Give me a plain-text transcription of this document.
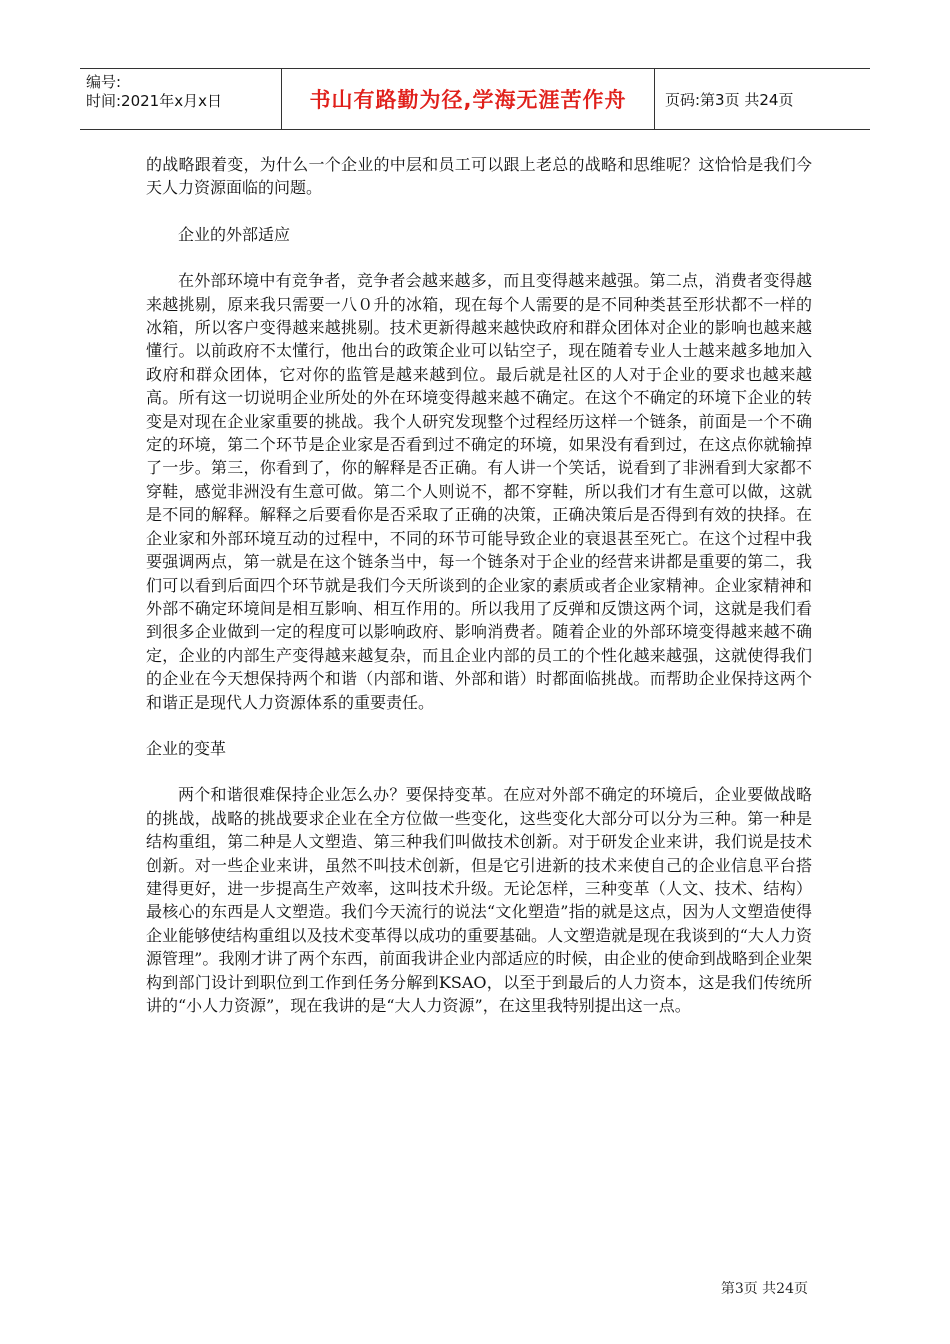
编号:
时间:2021年x月x日	书山有路勤为径,学海无涯苦作舟	页码:第3页 共24页

的战略跟着变，为什么一个企业的中层和员工可以跟上老总的战略和思维呢？这恰恰是我们今天人力资源面临的问题。

企业的外部适应

在外部环境中有竞争者，竞争者会越来越多，而且变得越来越强。第二点，消费者变得越来越挑剔，原来我只需要一八０升的冰箱，现在每个人需要的是不同种类甚至形状都不一样的冰箱，所以客户变得越来越挑剔。技术更新得越来越快政府和群众团体对企业的影响也越来越懂行。以前政府不太懂行，他出台的政策企业可以钻空子，现在随着专业人士越来越多地加入政府和群众团体，它对你的监管是越来越到位。最后就是社区的人对于企业的要求也越来越高。所有这一切说明企业所处的外在环境变得越来越不确定。在这个不确定的环境下企业的转变是对现在企业家重要的挑战。我个人研究发现整个过程经历这样一个链条，前面是一个不确定的环境，第二个环节是企业家是否看到过不确定的环境，如果没有看到过，在这点你就输掉了一步。第三，你看到了，你的解释是否正确。有人讲一个笑话，说看到了非洲看到大家都不穿鞋，感觉非洲没有生意可做。第二个人则说不，都不穿鞋，所以我们才有生意可以做，这就是不同的解释。解释之后要看你是否采取了正确的决策，正确决策后是否得到有效的抉择。在企业家和外部环境互动的过程中，不同的环节可能导致企业的衰退甚至死亡。在这个过程中我要强调两点，第一就是在这个链条当中，每一个链条对于企业的经营来讲都是重要的第二，我们可以看到后面四个环节就是我们今天所谈到的企业家的素质或者企业家精神。企业家精神和外部不确定环境间是相互影响、相互作用的。所以我用了反弹和反馈这两个词，这就是我们看到很多企业做到一定的程度可以影响政府、影响消费者。随着企业的外部环境变得越来越不确定，企业的内部生产变得越来越复杂，而且企业内部的员工的个性化越来越强，这就使得我们的企业在今天想保持两个和谐（内部和谐、外部和谐）时都面临挑战。而帮助企业保持这两个和谐正是现代人力资源体系的重要责任。

企业的变革

两个和谐很难保持企业怎么办？要保持变革。在应对外部不确定的环境后，企业要做战略的挑战，战略的挑战要求企业在全方位做一些变化，这些变化大部分可以分为三种。第一种是结构重组，第二种是人文塑造、第三种我们叫做技术创新。对于研发企业来讲，我们说是技术创新。对一些企业来讲，虽然不叫技术创新，但是它引进新的技术来使自己的企业信息平台搭建得更好，进一步提高生产效率，这叫技术升级。无论怎样，三种变革（人文、技术、结构）最核心的东西是人文塑造。我们今天流行的说法“文化塑造”指的就是这点，因为人文塑造使得企业能够使结构重组以及技术变革得以成功的重要基础。人文塑造就是现在我谈到的“大人力资源管理”。我刚才讲了两个东西，前面我讲企业内部适应的时候，由企业的使命到战略到企业架构到部门设计到职位到工作到任务分解到KSAO，以至于到最后的人力资本，这是我们传统所讲的“小人力资源”，现在我讲的是“大人力资源”，在这里我特别提出这一点。

第3页 共24页
